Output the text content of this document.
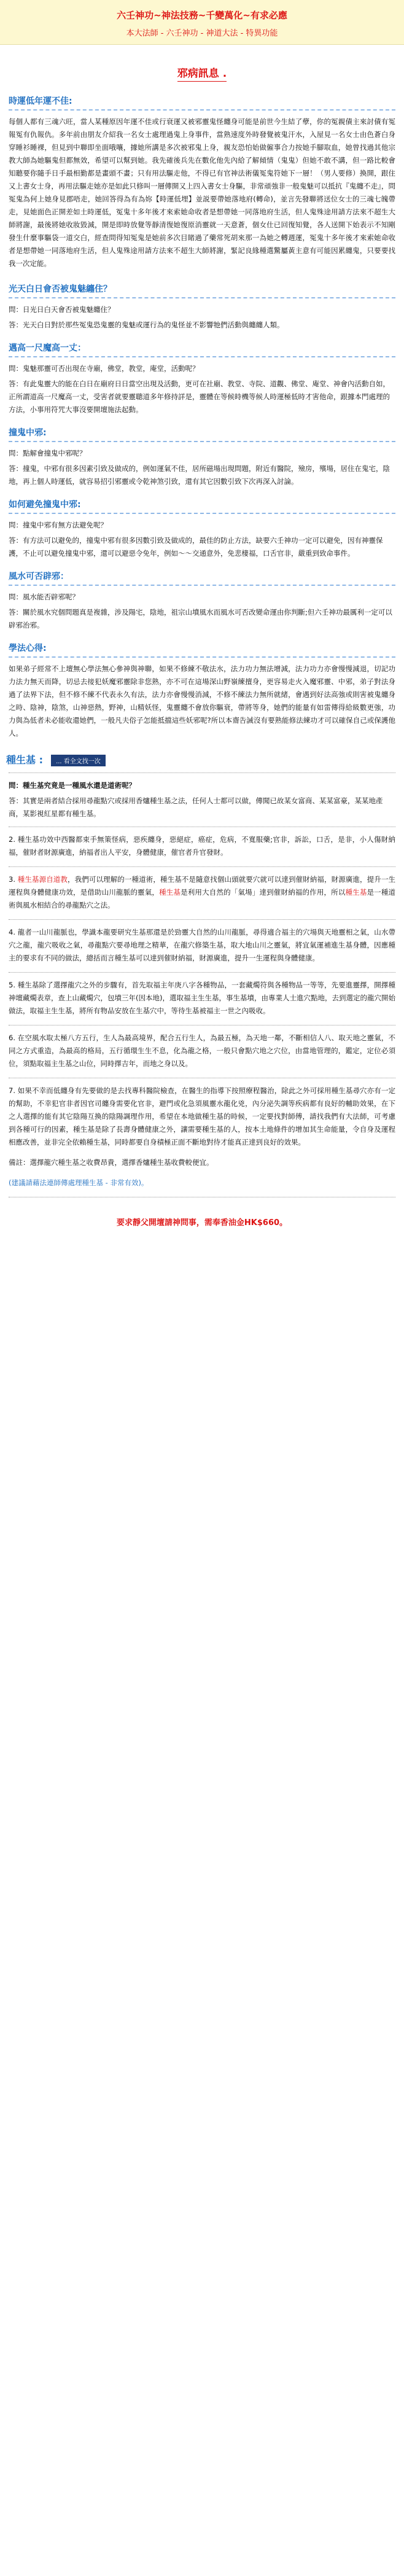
六壬神功~神法技務~千變萬化~有求必應

本大法師 - 六壬神功 - 神道大法 - 特異功能

邪病訊息 .
時運低年運不佳:

每個人都有三魂六旺，當人某種原因年運不佳或行衰運又被邪靈鬼怪纏身可能是前世今生結了孽，你的冤親債主來討債有冤報冤有仇報仇。多年前由朋友介紹我一名女士處理過鬼上身事件，當熟速度外時發覺被鬼汗水，入屋見一名女士由色蒼白身穿睡衫睡裸，但見到中聯即坐面哦嚷，據她所講是多次被邪鬼上身，親友恐怕始做僱事合力按她手腳取血，她曾找過其他宗教大師為她驅鬼但都無效，希望可以幫到她。我先確後兵先在數化他先內給了解傾情（鬼鬼）但她不敢不講，但一路比較會知聽要你隨手日手最相勤都是畫頭不畫；只有用法驅走他，不得已有官神法術儀冤鬼符她下一層！（男人要修）換開，跟住又上書女士身，再用法驅走她亦是如此只修叫一層傳開又上四入書女士身驅，非常頑強非一般鬼魅可以抵抗『鬼纏不走』，問冤鬼為何上她身見郡唔走，她回答得為有為妳【時運低埋】並説要帶她落地府(轉命)，並言先發聯將送位女士的三魂七魄帶走，見她面色正開差如土時運低，冤鬼十多年後才來索她命收者是想帶她一同落地府生活，但人鬼殊途用請方法來不超生大師將謝，最後將她收妝毀減，開是即時放覺等靜清復她復原消靈就一天意蒼，個女仕已回復知覺，各人送開下始表示不知剛發生什麼事驅袋一道交白，經查問得知冤鬼是她前多次目睹過了藥常死胡來那一為她之轉週運，冤鬼十多年後才來索她命收者是想帶她一同落地府生活，但人鬼殊途用請方法來不超生大師將謝，緊記良緣種選驚屬黃主意有可能因累纏鬼，只要要找我一次定能。

光天白日會否被鬼魅纏住？

問：日光日白天會否被鬼魅纏住？

答：光天白日對於那些冤鬼恐鬼靈的鬼魅或運行為的鬼怪並不影響牠們活動與纏纏人類。

邁高一尺魔高一丈：

問：鬼魅那靈可否出現在寺廟，佛堂，教堂，庵堂，活動呢？

答：有此鬼靈大的能在白日在廟府日日當空出現及活動，更可在社廟、教堂、寺院、道觀、佛堂、庵堂、神會內活動自如，正所謂道高一尺魔高一丈，受害者就要靈聰道多年修持詳是，靈體在等候時機等候人時運極低時才害他命，跟據本門處理的方法，小事用符咒大事沒要開壇施法起動。

撞鬼中邪:

問：點解會撞鬼中邪呢？

答：撞鬼，中邪有很多因素引致及做成的，例如運氣不佳，居所磁場出現問題，附近有醫院，殮房，殯場，居住在鬼宅，陰地，再上個人時運低，就容易招引邪靈或令乾神煞引致，還有其它因數引致下次再深入討論。

如何避免撞鬼中邪:

問：撞鬼中邪有無方法避免呢？

答：有方法可以避免的，撞鬼中邪有很多因數引致及做成的，最佳的防止方法，缺要六壬神功一定可以避免，因有神靈保護，不止可以避免撞鬼中邪，還可以避惡令免年，例如～～交通意外，免悲棲福，口舌官非，嚴重到致命事件。

風水可否辟邪：

問：風水能否辟邪呢？

答：關於風水究個問題真是複雜，涉及陽宅，陰地，祖宗山墳風水而風水可否改變命運由你判斷;但六壬神功最厲利一定可以辟邪治邪。

學法心得:

如果弟子經常不上壇無心學法無心參神與神聯，如果不修練不敬法水，法力功力無法增減，法力功力亦會慢慢減退，切記功力法力無天而降，切忌去接犯妖魔邪靈除非您熟，亦不可在這場深山野嶺練擅身，更容易走火入魔邪靈、中邪，弟子對法身過了法界下法，但不修不練不代表永久有法，法力亦會慢慢消減，不修不練法力無所就緒，會遇到好法高強或則害被鬼纏身之時、陰神，陰煞，山神惡熱，野神，山精妖怪，鬼靈纏不會放你驅衰，帶將等身，她們的能量有如雷傳得給級數更強，功力與為低者未必能收還她們，一般凡夫俗子怎能抵擋這些妖邪呢?所以本齋告誡沒有要熟能修法練功才可以確保自己或保護他人。

種生基 : ... 看全文找一次

問：種生基究竟是一種風水還是道術呢？

答：其實是兩者結合採用尋龍點穴或採用香爐種生基之法，任何人士都可以做，傳聞已故某女富商、某某富豪，某某地產商，某影視紅星都有種生基。

2. 種生基功效中西醫都束手無策怪病，惡疾纏身，惡絕症，癌症，危病，不寬服藥;官非，訴訟，口舌，是非，小人傷財納福，催財者財源廣進，納福者出人平安，身體健康，催官者升官發財。

3. 種生基源自道教，我們可以理解的一種道術，種生基不是隨意找個山頭就要穴就可以達到催財納福，財源廣進，提升一生運程與身體健康功效，是借助山川龍脈的靈氣，種生基是利用大自然的「氣場」達到催財納福的作用，所以種生基是一種道術與風水相結合的尋龍點穴之法。

4. 龍者一山川龍脈也，學識本龍要研究生基那還是於勁靈大自然的山川龍脈，尋得適合福主的穴場與天地靈相之氣，山水帶穴之龍，龍穴吸收之氣，尋龍點穴要尋地理之精華，在龍穴修築生基，取大地山川之靈氣，將宜氣運補進生基身體，因應種主的要求有不同的做法，總括而言種生基可以達到催財納福，財源廣進，提升一生運程與身體健康。

5. 種生基除了選擇龍穴之外的步驟有，首先取福主年庚八字各種物品，一套藏燭符與各種物品一等等，先要進靈擇，開擇種神壇藏燭表章，查上山藏燭穴，包墳三年(因本地)，選取福主生生基，事生基墳，由專業人士進穴點地，去到選定的龍穴開始做法，取福主生生基，將所有物品安放在生基穴中，等待生基被福主一世之內吸收。

6. 在空風水取太極八方五行，生人為最高境界，配合五行生人，為最五極，為天地一鄰，不斷相信人八、取天地之靈氣，不同之方式重造，為最高的格局，五行循環生生不息，化為龍之格，一般只會點穴地之穴位，由當地管理的，鑑定，定位必須位，須點取福主生基之山位，同時擇吉年，而地之身以及。

7. 如果不幸而低纏身有先要做的是去找專科醫院檢查，在醫生的指導下按照療程醫治，除此之外可採用種生基尋穴亦有一定的幫助，不幸犯官非者因官司纏身需要化官非，避門或化急須風靈水龍化兇，內分泌失調等疾病都有良好的輔助效果，在下之人選擇的能有其它陰陽互換的陰陽調理作用，希望在本地做種生基的時候，一定要找對師傅，請找我們有大法師，可考慮到各種可行的因素，種生基是除了長壽身體健康之外，讓需要種生基的人，按本土地條件的增加其生命能量，令自身及運程相應改善，並非完全依賴種生基，同時都要自身積極正面不斷地對待才能真正達到良好的效果。

備註：選擇龍穴種生基之收費昂貴，選擇香爐種生基收費較便宜。

(建議請藉法連師傳處理種生基 - 非常有效)。

要求靜父開壇請神問事，需奉香油金HK$660。
